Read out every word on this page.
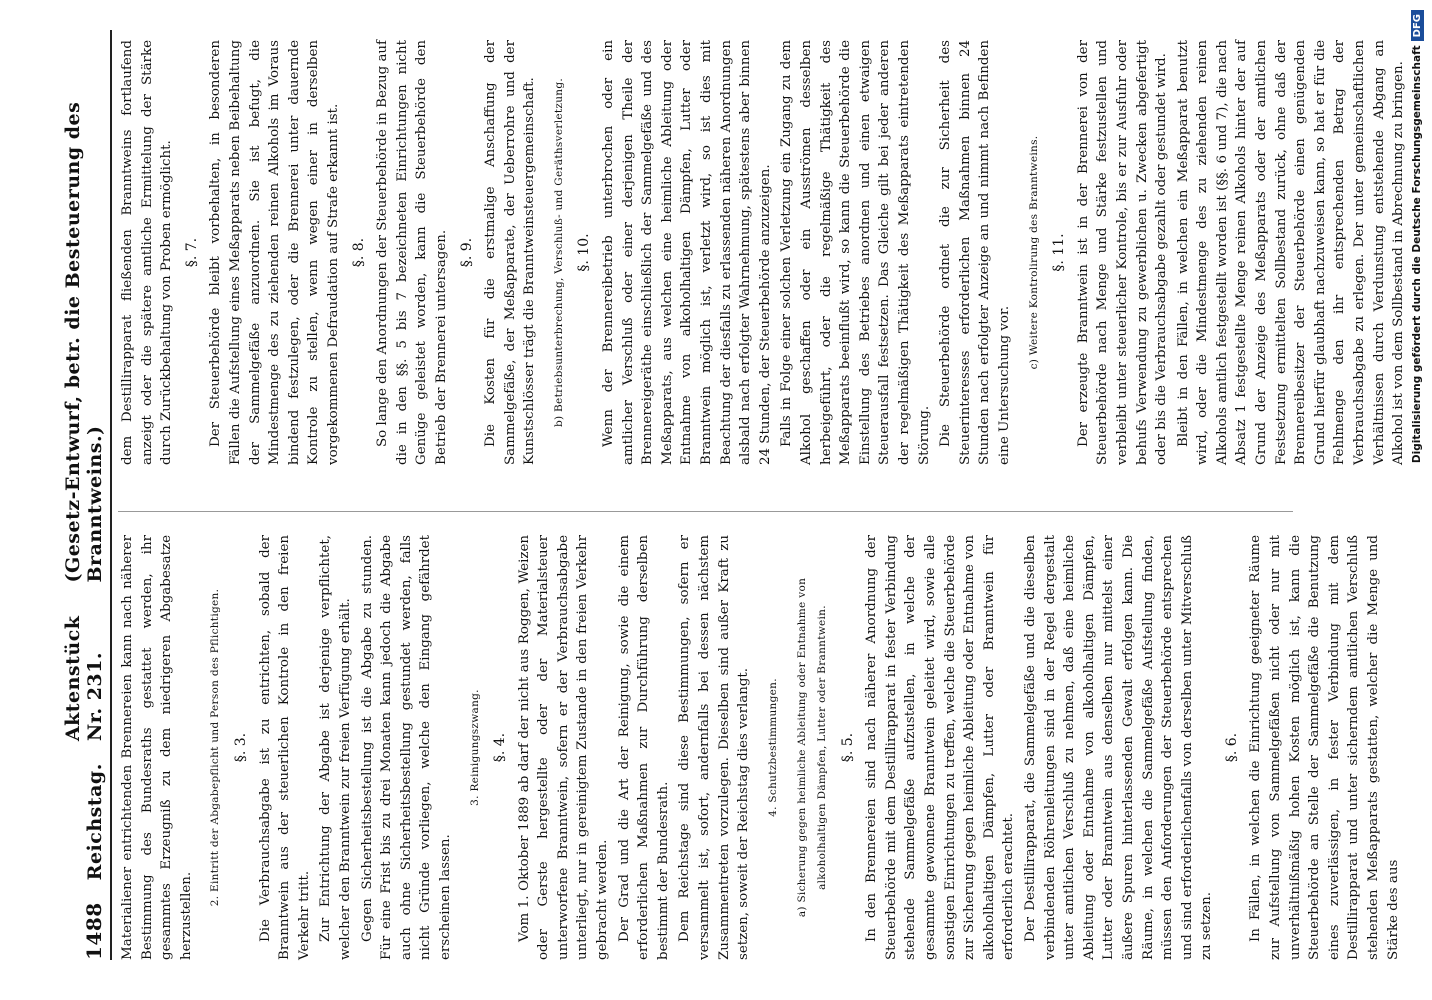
1488
Reichstag.
Aktenstück Nr. 231.
(Gesetz-Entwurf, betr. die Besteuerung des Branntweins.)
Materialiener entrichtenden Brennereien kann nach näherer Bestimmung des Bundesraths gestattet werden, ihr gesammtes Erzeugniß zu dem niedrigeren Abgabesatze herzustellen.
2. Eintritt der Abgabepflicht und Person des Pflichtigen. §. 3. Die Verbrauchsabgabe ist zu entrichten, sobald der Branntwein aus der steuerlichen Kontrole in den freien Verkehr tritt. Zur Entrichtung der Abgabe ist derjenige verpflichtet, welcher den Branntwein zur freien Verfügung erhält. Gegen Sicherheitsbestellung ist die Abgabe zu stunden. Für eine Frist bis zu drei Monaten kann jedoch die Abgabe auch ohne Sicherheitsbestellung gestundet werden, falls nicht Gründe vorliegen, welche den Eingang gefährdet erscheinen lassen.
3. Reinigungszwang. §. 4. Vom 1. Oktober 1889 ab darf der nicht aus Roggen, Weizen oder Gerste hergestellte oder der Materialsteuer unterworfene Branntwein, sofern er der Verbrauchsabgabe unterliegt, nur in gereinigtem Zustande in den freien Verkehr gebracht werden. Der Grad und die Art der Reinigung, sowie die einem erforderlichen Maßnahmen zur Durchführung derselben bestimmt der Bundesrath. Dem Reichstage sind diese Bestimmungen, sofern er versammelt ist, sofort, andernfalls bei dessen nächstem Zusammentreten vorzulegen. Dieselben sind außer Kraft zu setzen, soweit der Reichstag dies verlangt. 4. Schutzbestimmungen.	a) Sicherung gegen heimliche Ableitung oder Entnahme von alkoholhaltigen Dämpfen, Lutter oder Branntwein. §. 5. In den Brennereien sind nach näherer Anordnung der Steuerbehörde mit dem Destillirapparat in fester Verbindung stehende Sammelgefäße aufzustellen, in welche der gesammte gewonnene Branntwein geleitet wird, sowie alle sonstigen Einrichtungen zu treffen, welche die Steuerbehörde zur Sicherung gegen heimliche Ableitung oder Entnahme von alkoholhaltigen Dämpfen, Lutter oder Branntwein für erforderlich erachtet. Der Destillirapparat, die Sammelgefäße und die dieselben verbindenden Röhrenleitungen sind in der Regel dergestalt unter amtlichen Verschluß zu nehmen, daß eine heimliche Ableitung oder Entnahme von alkoholhaltigen Dämpfen, Lutter oder Branntwein aus denselben nur mittelst einer äußere Spuren hinterlassenden Gewalt erfolgen kann. Die Räume, in welchen die Sammelgefäße Aufstellung finden, müssen den Anforderungen der Steuerbehörde entsprechen und sind erforderlichenfalls von derselben unter Mitverschluß zu setzen.
§. 6. In Fällen, in welchen die Einrichtung geeigneter Räume zur Aufstellung von Sammelgefäßen nicht oder nur mit unverhältnißmäßig hohen Kosten möglich ist, kann die Steuerbehörde an Stelle der Sammelgefäße die Benutzung eines zuverlässigen, in fester Verbindung mit dem Destillirapparat und unter sicherndem amtlichen Verschluß stehenden Meßapparats gestatten, welcher die Menge und Stärke des aus
dem Destillirapparat fließenden Branntweins fortlaufend anzeigt oder die spätere amtliche Ermittelung der Stärke durch Zurückbehaltung von Proben ermöglicht. §. 7. Der Steuerbehörde bleibt vorbehalten, in besonderen Fällen die Aufstellung eines Meßapparats neben Beibehaltung der Sammelgefäße anzuordnen. Sie ist befugt, die Mindestmenge des zu ziehenden reinen Alkohols im Voraus bindend festzulegen, oder die Brennerei unter dauernde Kontrole zu stellen, wenn wegen einer in derselben vorgekommenen Defraudation auf Strafe erkannt ist. §. 8. So lange den Anordnungen der Steuerbehörde in Bezug auf die in den §§. 5 bis 7 bezeichneten Einrichtungen nicht Genüge geleistet worden, kann die Steuerbehörde den Betrieb der Brennerei untersagen. §. 9. Die Kosten für die erstmalige Anschaffung der Sammelgefäße, der Meßapparate, der Ueberrohre und der Kunstschlösser trägt die Branntweinsteuergemeinschaft. b) Betriebsunterbrechung, Verschluß- und Geräthsverletzung. §. 10. Wenn der Brennereibetrieb unterbrochen oder ein amtlicher Verschluß oder einer derjenigen Theile der Brennereigeräthe einschließlich der Sammelgefäße und des Meßapparats, aus welchen eine heimliche Ableitung oder Entnahme von alkoholhaltigen Dämpfen, Lutter oder Branntwein möglich ist, verletzt wird, so ist dies mit Beachtung der diesfalls zu erlassenden näheren Anordnungen alsbald nach erfolgter Wahrnehmung, spätestens aber binnen 24 Stunden, der Steuerbehörde anzuzeigen. Falls in Folge einer solchen Verletzung ein Zugang zu dem Alkohol geschaffen oder ein Ausströmen desselben herbeigeführt, oder die regelmäßige Thätigkeit des Meßapparats beeinflußt wird, so kann die Steuerbehörde die Einstellung des Betriebes anordnen und einen etwaigen Steuerausfall festsetzen. Das Gleiche gilt bei jeder anderen der regelmäßigen Thätigkeit des Meßapparats eintretenden Störung. Die Steuerbehörde ordnet die zur Sicherheit des Steuerinteresses erforderlichen Maßnahmen binnen 24 Stunden nach erfolgter Anzeige an und nimmt nach Befinden eine Untersuchung vor.
c) Weitere Kontrolirung des Branntweins. §. 11. Der erzeugte Branntwein ist in der Brennerei von der Steuerbehörde nach Menge und Stärke festzustellen und verbleibt unter steuerlicher Kontrole, bis er zur Ausfuhr oder behufs Verwendung zu gewerblichen u. Zwecken abgefertigt oder bis die Verbrauchsabgabe gezahlt oder gestundet wird. Bleibt in den Fällen, in welchen ein Meßapparat benutzt wird, oder die Mindestmenge des zu ziehenden reinen Alkohols amtlich festgestellt worden ist (§§. 6 und 7), die nach Absatz 1 festgestellte Menge reinen Alkohols hinter der auf Grund der Anzeige des Meßapparats oder der amtlichen Festsetzung ermittelten Sollbestand zurück, ohne daß der Brennereibesitzer der Steuerbehörde einen genügenden Grund hierfür glaubhaft nachzuweisen kann, so hat er für die Fehlmenge den ihr entsprechenden Betrag der Verbrauchsabgabe zu erlegen. Der unter gemeinschaftlichen Verhältnissen durch Verdunstung entstehende Abgang an Alkohol ist von dem Sollbestand in Abrechnung zu bringen. Digitalisierung gefördert durch die Deutsche Forschungsgemeinschaft
DFG
